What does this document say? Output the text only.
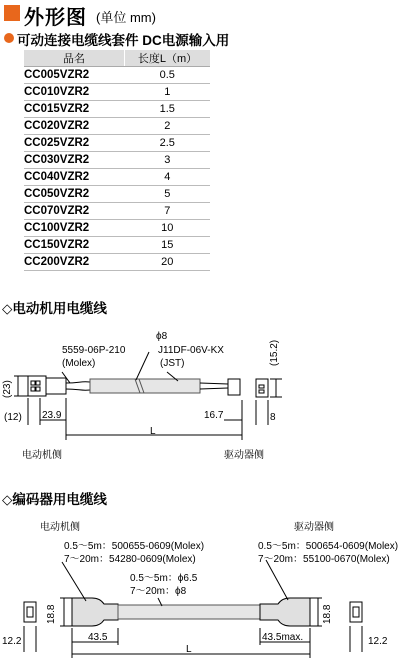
外形图 (单位 mm)
可动连接电缆线套件 DC电源输入用
品名	长度L（m）
CC005VZR2	0.5
CC010VZR2	1
CC015VZR2	1.5
CC020VZR2	2
CC025VZR2	2.5
CC030VZR2	3
CC040VZR2	4
CC050VZR2	5
CC070VZR2	7
CC100VZR2	10
CC150VZR2	15
CC200VZR2	20
◇电动机用电缆线
5559-06P-210
(Molex)
ϕ8
J11DF-06V-KX
(JST)
(23)
(15.2)
(12) 23.9
L
16.7	8
电动机侧	驱动器侧
◇编码器用电缆线
电动机侧	驱动器侧
0.5～5m：500655-0609(Molex)
7～20m：54280-0609(Molex)
0.5～5m：500654-0609(Molex)
7～20m：55100-0670(Molex)
0.5～5m：ϕ6.5
7～20m：ϕ8
18.8	18.8
12.2	12.2
43.5	43.5max.
L
